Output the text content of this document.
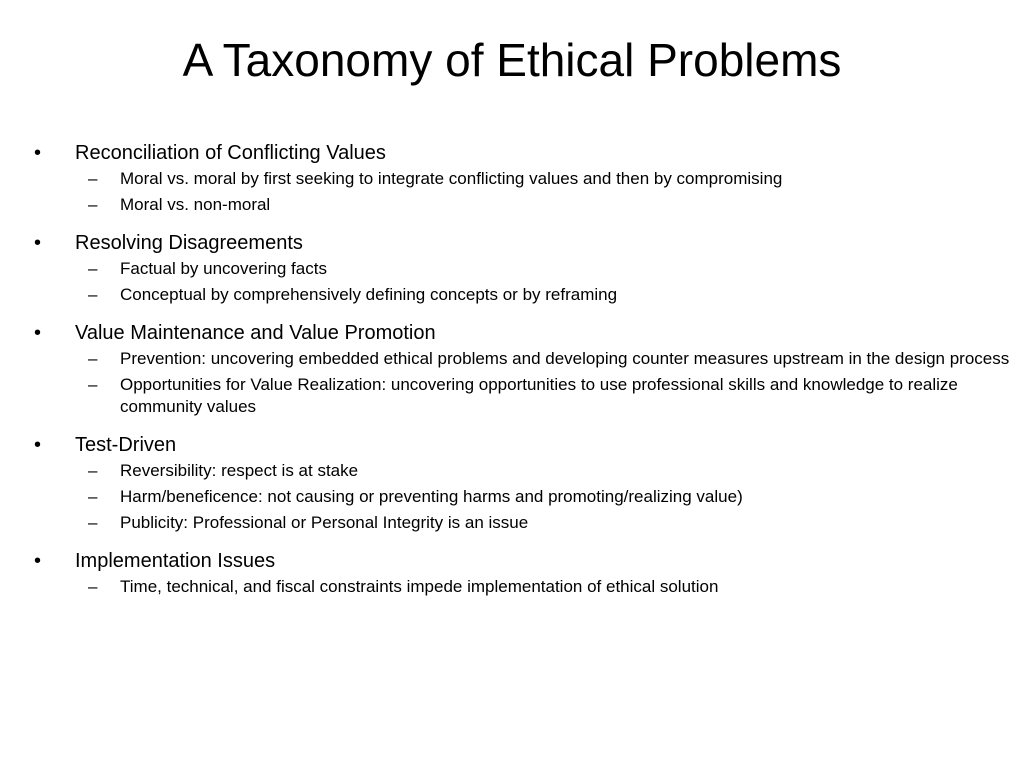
A Taxonomy of Ethical Problems
• Reconciliation of Conflicting Values
– Moral vs. moral by first seeking to integrate conflicting values and then by compromising
– Moral vs. non-moral
• Resolving Disagreements
– Factual by uncovering facts
– Conceptual by comprehensively defining concepts or by reframing
• Value Maintenance and Value Promotion
– Prevention: uncovering embedded ethical problems and developing counter measures upstream in the design process
– Opportunities for Value Realization: uncovering opportunities to use professional skills and knowledge to realize community values
• Test-Driven
– Reversibility: respect is at stake
– Harm/beneficence: not causing or preventing harms and promoting/realizing value)
– Publicity: Professional or Personal Integrity is an issue
• Implementation Issues
– Time, technical, and fiscal constraints impede implementation of ethical solution
